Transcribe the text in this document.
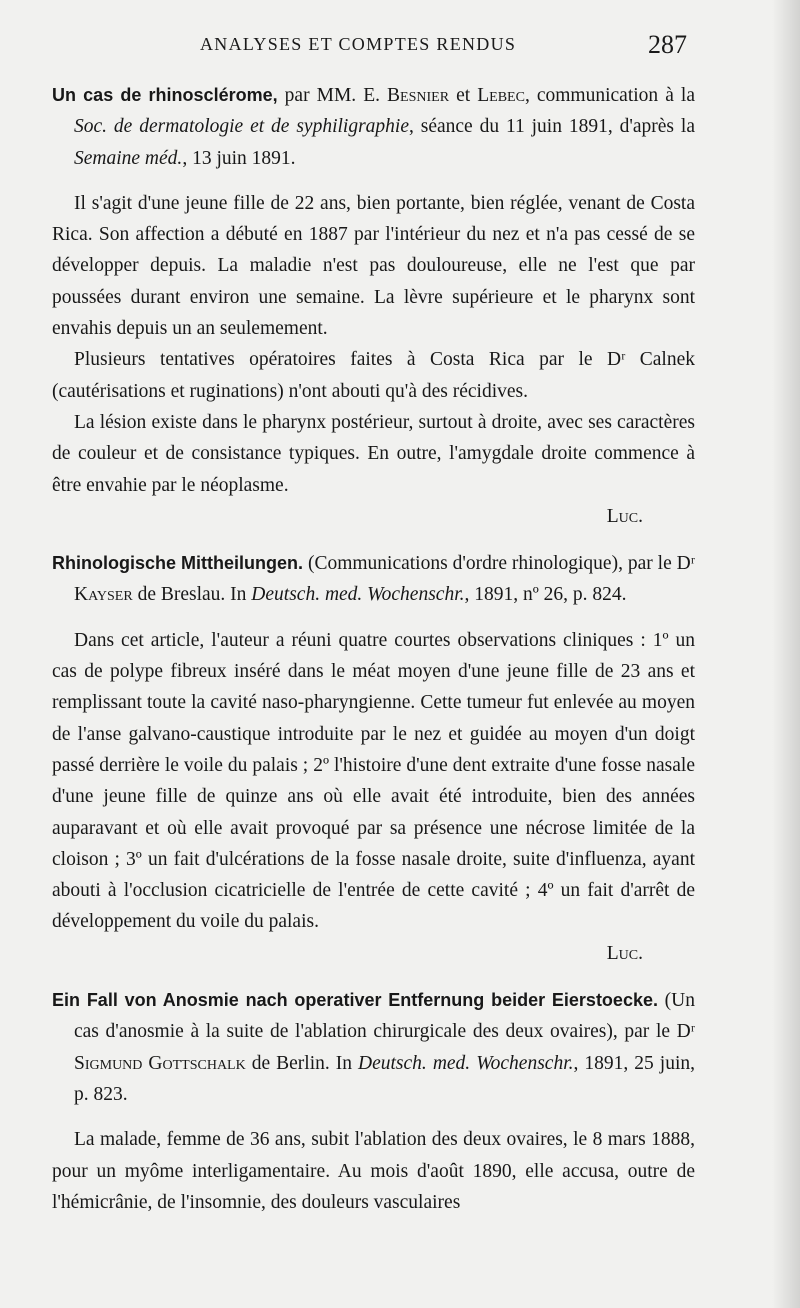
ANALYSES ET COMPTES RENDUS	287

Un cas de rhinosclérome, par MM. E. Besnier et Lebec, communication à la Soc. de dermatologie et de syphiligraphie, séance du 11 juin 1891, d'après la Semaine méd., 13 juin 1891.

Il s'agit d'une jeune fille de 22 ans, bien portante, bien réglée, venant de Costa Rica. Son affection a débuté en 1887 par l'intérieur du nez et n'a pas cessé de se développer depuis. La maladie n'est pas douloureuse, elle ne l'est que par poussées durant environ une semaine. La lèvre supérieure et le pharynx sont envahis depuis un an seulemement.

Plusieurs tentatives opératoires faites à Costa Rica par le Dʳ Calnek (cautérisations et ruginations) n'ont abouti qu'à des récidives.

La lésion existe dans le pharynx postérieur, surtout à droite, avec ses caractères de couleur et de consistance typiques. En outre, l'amygdale droite commence à être envahie par le néoplasme.

Luc.

Rhinologische Mittheilungen. (Communications d'ordre rhinologique), par le Dʳ Kayser de Breslau. In Deutsch. med. Wochenschr., 1891, nº 26, p. 824.

Dans cet article, l'auteur a réuni quatre courtes observations cliniques : 1º un cas de polype fibreux inséré dans le méat moyen d'une jeune fille de 23 ans et remplissant toute la cavité naso-pharyngienne. Cette tumeur fut enlevée au moyen de l'anse galvano-caustique introduite par le nez et guidée au moyen d'un doigt passé derrière le voile du palais ; 2º l'histoire d'une dent extraite d'une fosse nasale d'une jeune fille de quinze ans où elle avait été introduite, bien des années auparavant et où elle avait provoqué par sa présence une nécrose limitée de la cloison ; 3º un fait d'ulcérations de la fosse nasale droite, suite d'influenza, ayant abouti à l'occlusion cicatricielle de l'entrée de cette cavité ; 4º un fait d'arrêt de développement du voile du palais.

Luc.

Ein Fall von Anosmie nach operativer Entfernung beider Eierstoecke. (Un cas d'anosmie à la suite de l'ablation chirurgicale des deux ovaires), par le Dʳ Sigmund Gottschalk de Berlin. In Deutsch. med. Wochenschr., 1891, 25 juin, p. 823.

La malade, femme de 36 ans, subit l'ablation des deux ovaires, le 8 mars 1888, pour un myôme interligamentaire. Au mois d'août 1890, elle accusa, outre de l'hémicrânie, de l'insomnie, des douleurs vasculaires
